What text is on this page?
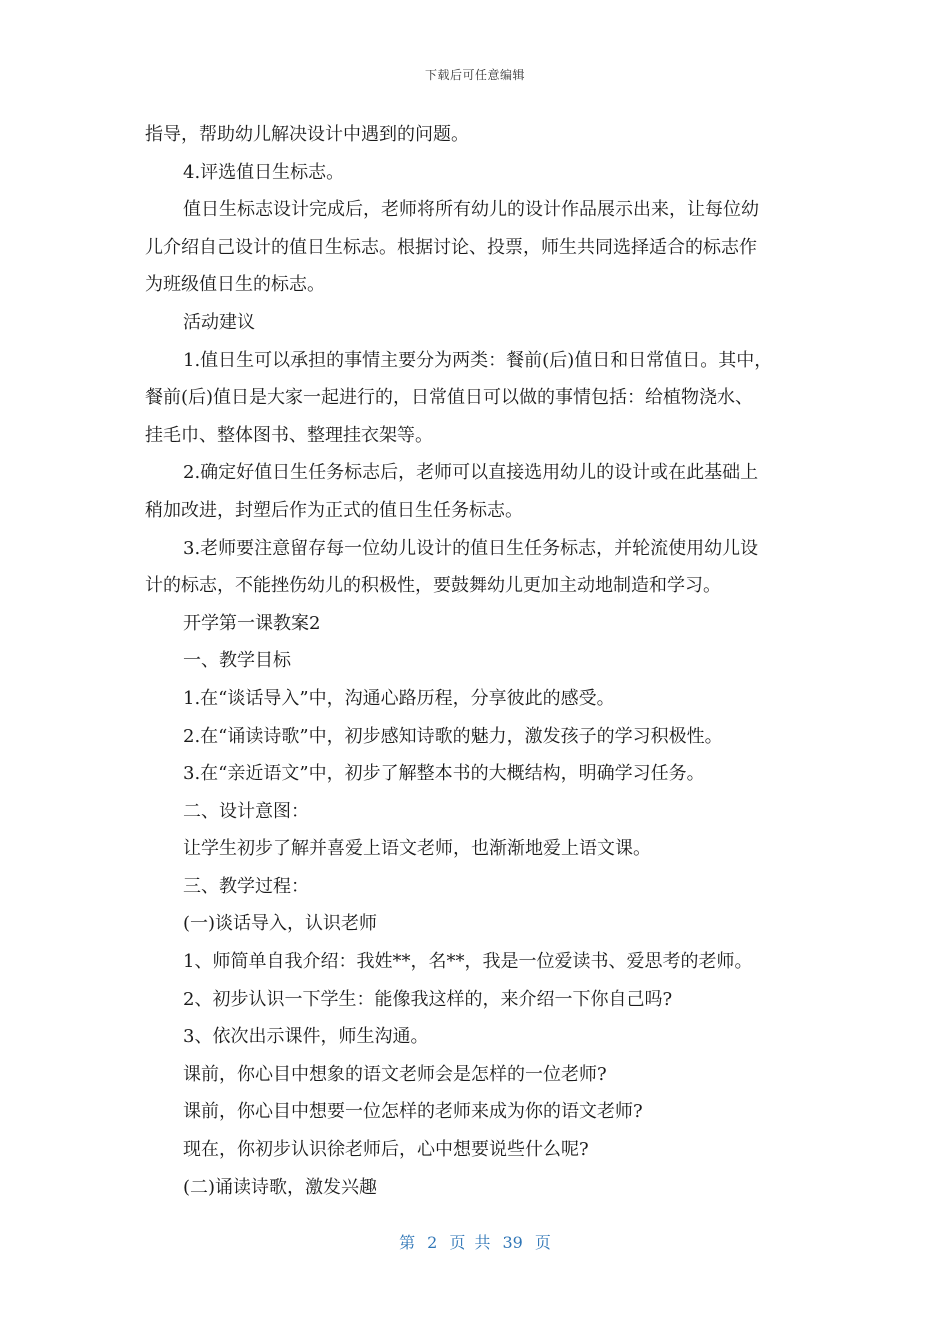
下载后可任意编辑
指导，帮助幼儿解决设计中遇到的问题。
4.评选值日生标志。
值日生标志设计完成后，老师将所有幼儿的设计作品展示出来，让每位幼
儿介绍自己设计的值日生标志。根据讨论、投票，师生共同选择适合的标志作
为班级值日生的标志。
活动建议
1.值日生可以承担的事情主要分为两类：餐前(后)值日和日常值日。其中，
餐前(后)值日是大家一起进行的，日常值日可以做的事情包括：给植物浇水、
挂毛巾、整体图书、整理挂衣架等。
2.确定好值日生任务标志后，老师可以直接选用幼儿的设计或在此基础上
稍加改进，封塑后作为正式的值日生任务标志。
3.老师要注意留存每一位幼儿设计的值日生任务标志，并轮流使用幼儿设
计的标志，不能挫伤幼儿的积极性，要鼓舞幼儿更加主动地制造和学习。
开学第一课教案2
一、教学目标
1.在“谈话导入”中，沟通心路历程，分享彼此的感受。
2.在“诵读诗歌”中，初步感知诗歌的魅力，激发孩子的学习积极性。
3.在“亲近语文”中，初步了解整本书的大概结构，明确学习任务。
二、设计意图：
让学生初步了解并喜爱上语文老师，也渐渐地爱上语文课。
三、教学过程：
(一)谈话导入，认识老师
1、师简单自我介绍：我姓**，名**，我是一位爱读书、爱思考的老师。
2、初步认识一下学生：能像我这样的，来介绍一下你自己吗?
3、依次出示课件，师生沟通。
课前，你心目中想象的语文老师会是怎样的一位老师?
课前，你心目中想要一位怎样的老师来成为你的语文老师?
现在，你初步认识徐老师后，心中想要说些什么呢?
(二)诵读诗歌，激发兴趣
第 2 页 共 39 页
